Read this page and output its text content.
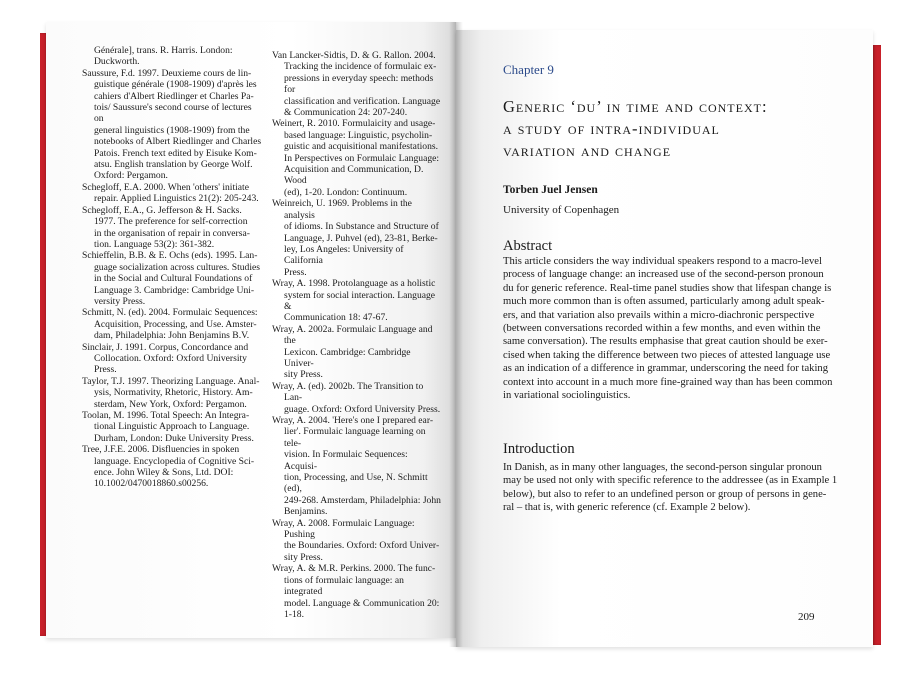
Générale], trans. R. Harris. London:
Duckworth.
Saussure, F.d. 1997. Deuxieme cours de lin-
guistique générale (1908-1909) d'après les
cahiers d'Albert Riedlinger et Charles Pa-
tois/ Saussure's second course of lectures on
general linguistics (1908-1909) from the
notebooks of Albert Riedlinger and Charles
Patois. French text edited by Eisuke Kom-
atsu. English translation by George Wolf.
Oxford: Pergamon.
Schegloff, E.A. 2000. When 'others' initiate
repair. Applied Linguistics 21(2): 205-243.
Schegloff, E.A., G. Jefferson & H. Sacks.
1977. The preference for self-correction
in the organisation of repair in conversa-
tion. Language 53(2): 361-382.
Schieffelin, B.B. & E. Ochs (eds). 1995. Lan-
guage socialization across cultures. Studies
in the Social and Cultural Foundations of
Language 3. Cambridge: Cambridge Uni-
versity Press.
Schmitt, N. (ed). 2004. Formulaic Sequences:
Acquisition, Processing, and Use. Amster-
dam, Philadelphia: John Benjamins B.V.
Sinclair, J. 1991. Corpus, Concordance and
Collocation. Oxford: Oxford University
Press.
Taylor, T.J. 1997. Theorizing Language. Anal-
ysis, Normativity, Rhetoric, History. Am-
sterdam, New York, Oxford: Pergamon.
Toolan, M. 1996. Total Speech: An Integra-
tional Linguistic Approach to Language.
Durham, London: Duke University Press.
Tree, J.F.E. 2006. Disfluencies in spoken
language. Encyclopedia of Cognitive Sci-
ence. John Wiley & Sons, Ltd. DOI:
10.1002/0470018860.s00256.
Van Lancker-Sidtis, D. & G. Rallon. 2004.
Tracking the incidence of formulaic ex-
pressions in everyday speech: methods for
classification and verification. Language
& Communication 24: 207-240.
Weinert, R. 2010. Formulaicity and usage-
based language: Linguistic, psycholin-
guistic and acquisitional manifestations.
In Perspectives on Formulaic Language:
Acquisition and Communication, D. Wood
(ed), 1-20. London: Continuum.
Weinreich, U. 1969. Problems in the analysis
of idioms. In Substance and Structure of
Language, J. Puhvel (ed), 23-81, Berke-
ley, Los Angeles: University of California
Press.
Wray, A. 1998. Protolanguage as a holistic
system for social interaction. Language &
Communication 18: 47-67.
Wray, A. 2002a. Formulaic Language and the
Lexicon. Cambridge: Cambridge Univer-
sity Press.
Wray, A. (ed). 2002b. The Transition to Lan-
guage. Oxford: Oxford University Press.
Wray, A. 2004. 'Here's one I prepared ear-
lier'. Formulaic language learning on tele-
vision. In Formulaic Sequences: Acquisi-
tion, Processing, and Use, N. Schmitt (ed),
249-268. Amsterdam, Philadelphia: John
Benjamins.
Wray, A. 2008. Formulaic Language: Pushing
the Boundaries. Oxford: Oxford Univer-
sity Press.
Wray, A. & M.R. Perkins. 2000. The func-
tions of formulaic language: an integrated
model. Language & Communication 20:
1-18.
Chapter 9
Generic ‘du’ in time and context:
a study of intra-individual
variation and change
Torben Juel Jensen
University of Copenhagen
Abstract
This article considers the way individual speakers respond to a macro-level
process of language change: an increased use of the second-person pronoun
du for generic reference. Real-time panel studies show that lifespan change is
much more common than is often assumed, particularly among adult speak-
ers, and that variation also prevails within a micro-diachronic perspective
(between conversations recorded within a few months, and even within the
same conversation). The results emphasise that great caution should be exer-
cised when taking the difference between two pieces of attested language use
as an indication of a difference in grammar, underscoring the need for taking
context into account in a much more fine-grained way than has been common
in variational sociolinguistics.
Introduction
In Danish, as in many other languages, the second-person singular pronoun
may be used not only with specific reference to the addressee (as in Example 1
below), but also to refer to an undefined person or group of persons in gene-
ral – that is, with generic reference (cf. Example 2 below).
209
